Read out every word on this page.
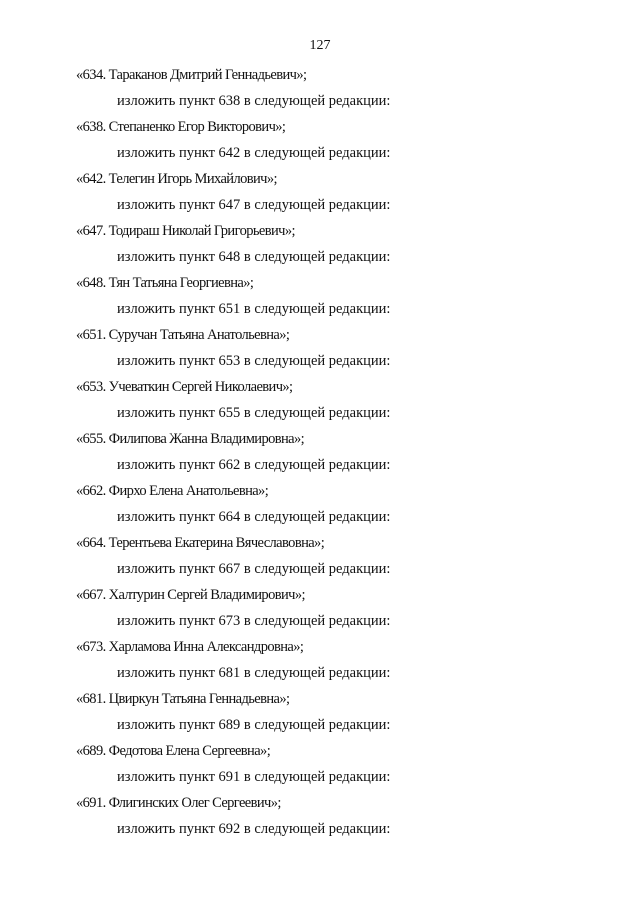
127
«634. Тараканов Дмитрий Геннадьевич»;
изложить пункт 638 в следующей редакции:
«638. Степаненко Егор Викторович»;
изложить пункт 642 в следующей редакции:
«642. Телегин Игорь Михайлович»;
изложить пункт 647 в следующей редакции:
«647. Тодираш Николай Григорьевич»;
изложить пункт 648 в следующей редакции:
«648. Тян Татьяна Георгиевна»;
изложить пункт 651 в следующей редакции:
«651. Суручан Татьяна Анатольевна»;
изложить пункт 653 в следующей редакции:
«653. Учеваткин Сергей Николаевич»;
изложить пункт 655 в следующей редакции:
«655. Филипова Жанна Владимировна»;
изложить пункт 662 в следующей редакции:
«662. Фирхо Елена Анатольевна»;
изложить пункт 664 в следующей редакции:
«664. Терентьева Екатерина Вячеславовна»;
изложить пункт 667 в следующей редакции:
«667. Халтурин Сергей Владимирович»;
изложить пункт 673 в следующей редакции:
«673. Харламова Инна Александровна»;
изложить пункт 681 в следующей редакции:
«681. Цвиркун Татьяна Геннадьевна»;
изложить пункт 689 в следующей редакции:
«689. Федотова Елена Сергеевна»;
изложить пункт 691 в следующей редакции:
«691. Флигинских Олег Сергеевич»;
изложить пункт 692 в следующей редакции:
